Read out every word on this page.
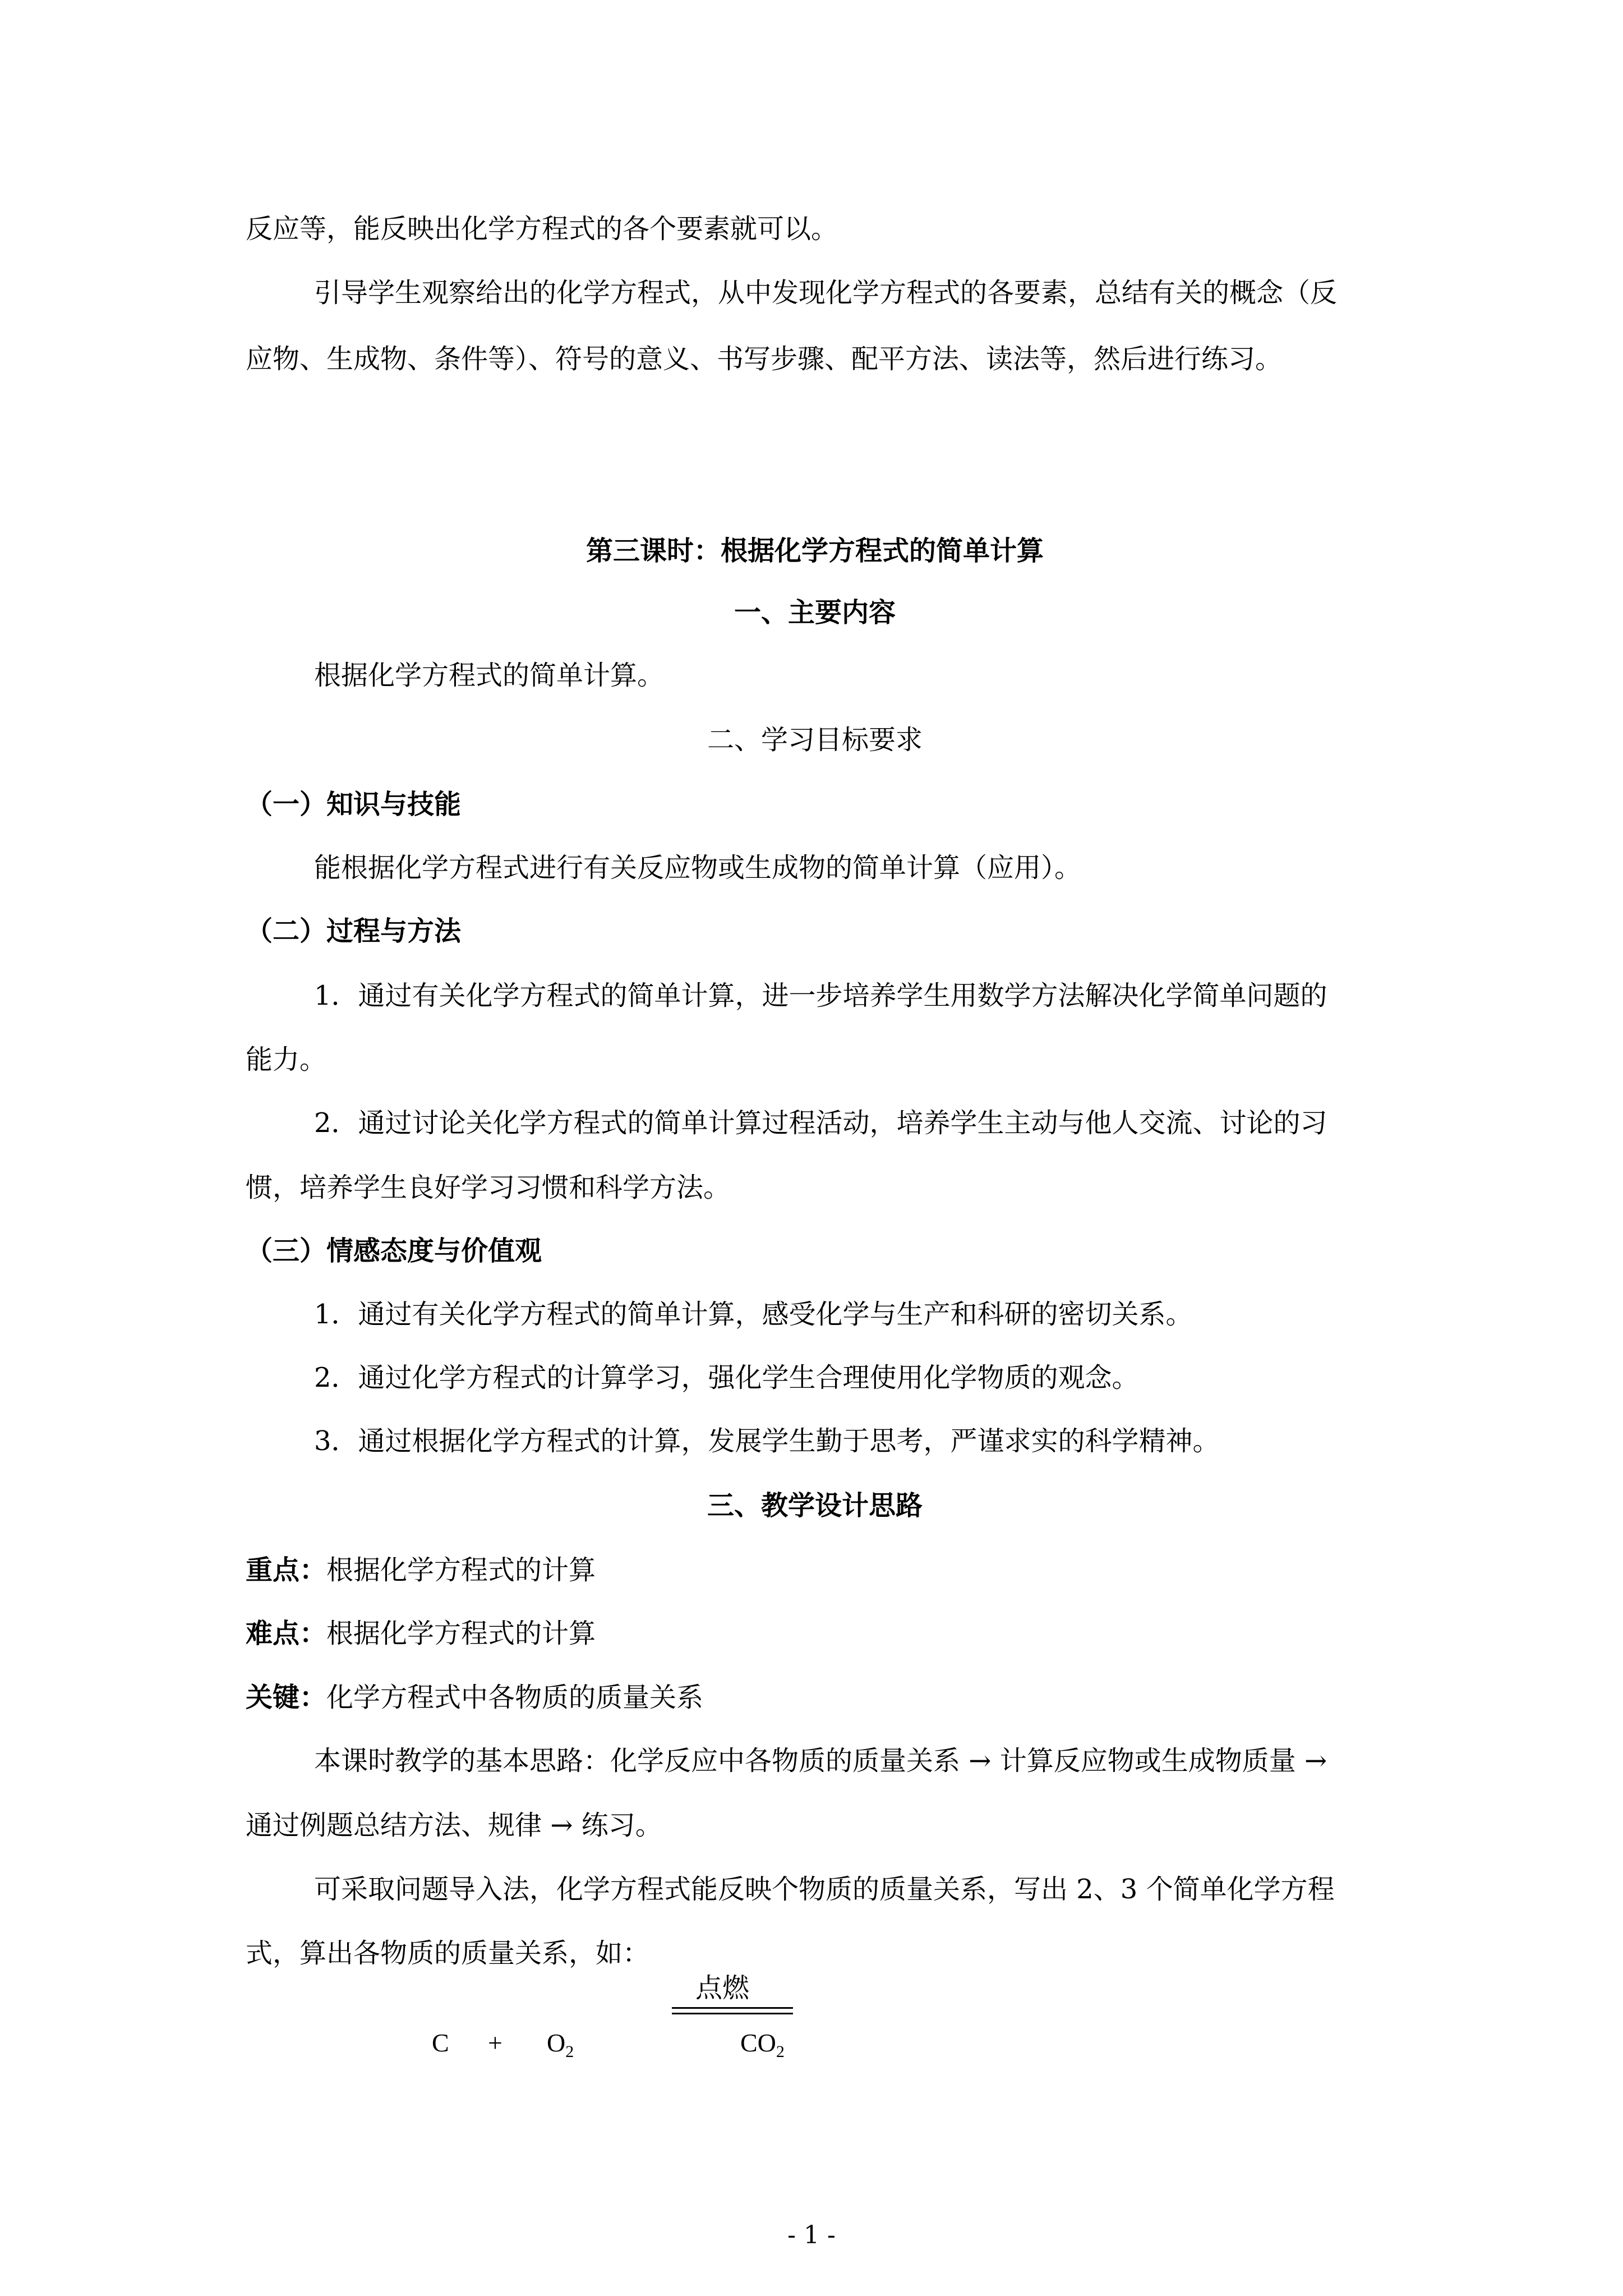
反应等，能反映出化学方程式的各个要素就可以。
引导学生观察给出的化学方程式，从中发现化学方程式的各要素，总结有关的概念（反
应物、生成物、条件等）、符号的意义、书写步骤、配平方法、读法等，然后进行练习。
第三课时：根据化学方程式的简单计算
一、主要内容
根据化学方程式的简单计算。
二、学习目标要求
（一）知识与技能
能根据化学方程式进行有关反应物或生成物的简单计算（应用）。
（二）过程与方法
1．通过有关化学方程式的简单计算，进一步培养学生用数学方法解决化学简单问题的
能力。
2．通过讨论关化学方程式的简单计算过程活动，培养学生主动与他人交流、讨论的习
惯，培养学生良好学习习惯和科学方法。
（三）情感态度与价值观
1．通过有关化学方程式的简单计算，感受化学与生产和科研的密切关系。
2．通过化学方程式的计算学习，强化学生合理使用化学物质的观念。
3．通过根据化学方程式的计算，发展学生勤于思考，严谨求实的科学精神。
三、教学设计思路
重点：根据化学方程式的计算
难点：根据化学方程式的计算
关键：化学方程式中各物质的质量关系
本课时教学的基本思路：化学反应中各物质的质量关系 → 计算反应物或生成物质量 →
通过例题总结方法、规律 → 练习。
可采取问题导入法，化学方程式能反映个物质的质量关系，写出 2、3 个简单化学方程
式，算出各物质的质量关系，如：
点燃
$C + O_2$	$CO_2$
- 1 -
